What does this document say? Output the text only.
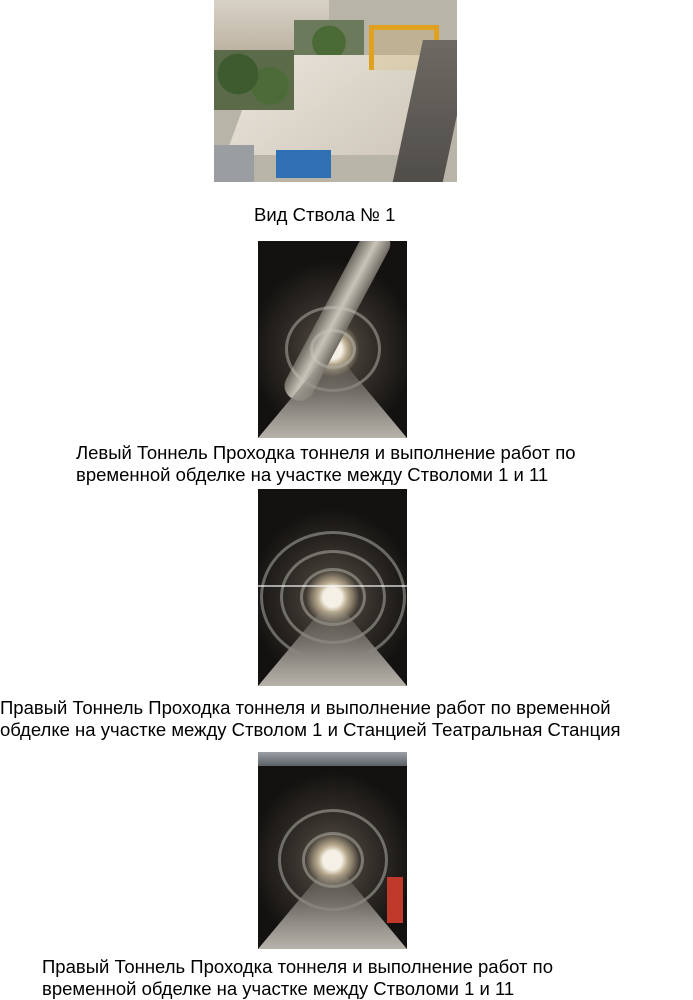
Вид Ствола № 1
Левый Тоннель Проходка тоннеля и выполнение работ по
временной обделке на участке между Стволоми 1 и 11
Правый Тоннель Проходка тоннеля и выполнение работ по временной
обделке на участке между Стволом 1 и Станцией Театральная Станция
Правый Тоннель Проходка тоннеля и выполнение работ по
временной обделке на участке между Стволоми 1 и 11
